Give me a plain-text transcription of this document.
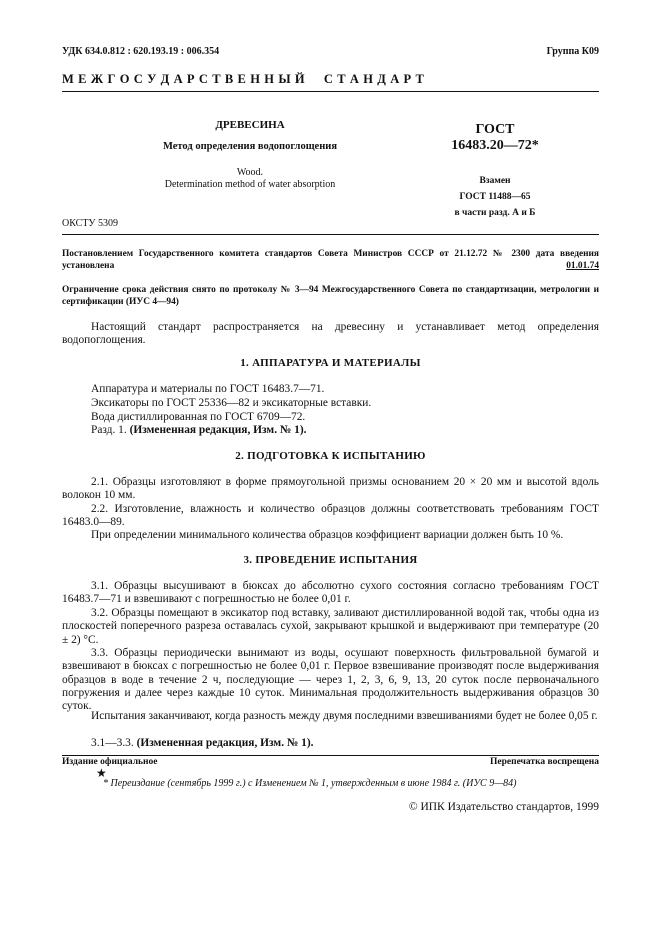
УДК 634.0.812 : 620.193.19 : 006.354	Группа К09
М Е Ж Г О С У Д А Р С Т В Е Н Н Ы Й     С Т А Н Д А Р Т
ДРЕВЕСИНА
Метод определения водопоглощения
Wood.
Determination method of water absorption
ГОСТ
16483.20—72*
Взамен
ГОСТ 11488—65
в части разд. А и Б
ОКСТУ 5309
Постановлением Государственного комитета стандартов Совета Министров СССР от 21.12.72 № 2300 дата введения установлена	01.01.74
Ограничение срока действия снято по протоколу № 3—94 Межгосударственного Совета по стандартизации, метрологии и сертификации (ИУС 4—94)
Настоящий стандарт распространяется на древесину и устанавливает метод определения водопоглощения.
1. АППАРАТУРА И МАТЕРИАЛЫ
Аппаратура и материалы по ГОСТ 16483.7—71.
Эксикаторы по ГОСТ 25336—82 и эксикаторные вставки.
Вода дистиллированная по ГОСТ 6709—72.
Разд. 1. (Измененная редакция, Изм. № 1).
2. ПОДГОТОВКА К ИСПЫТАНИЮ
2.1. Образцы изготовляют в форме прямоугольной призмы основанием 20 × 20 мм и высотой вдоль волокон 10 мм.
2.2. Изготовление, влажность и количество образцов должны соответствовать требованиям ГОСТ 16483.0—89.
При определении минимального количества образцов коэффициент вариации должен быть 10 %.
3. ПРОВЕДЕНИЕ ИСПЫТАНИЯ
3.1. Образцы высушивают в бюксах до абсолютно сухого состояния согласно требованиям ГОСТ 16483.7—71 и взвешивают с погрешностью не более 0,01 г.
3.2. Образцы помещают в эксикатор под вставку, заливают дистиллированной водой так, чтобы одна из плоскостей поперечного разреза оставалась сухой, закрывают крышкой и выдерживают при температуре (20 ± 2) °С.
3.3. Образцы периодически вынимают из воды, осушают поверхность фильтровальной бумагой и взвешивают в бюксах с погрешностью не более 0,01 г. Первое взвешивание производят после выдерживания образцов в воде в течение 2 ч, последующие — через 1, 2, 3, 6, 9, 13, 20 суток после первоначального погружения и далее через каждые 10 суток. Минимальная продолжительность выдерживания образцов 30 суток.
Испытания заканчивают, когда разность между двумя последними взвешиваниями будет не более 0,05 г.
3.1—3.3. (Измененная редакция, Изм. № 1).
Издание официальное	Перепечатка воспрещена
★
* Переиздание (сентябрь 1999 г.) с Изменением № 1, утвержденным в июне 1984 г. (ИУС 9—84)
© ИПК Издательство стандартов, 1999
